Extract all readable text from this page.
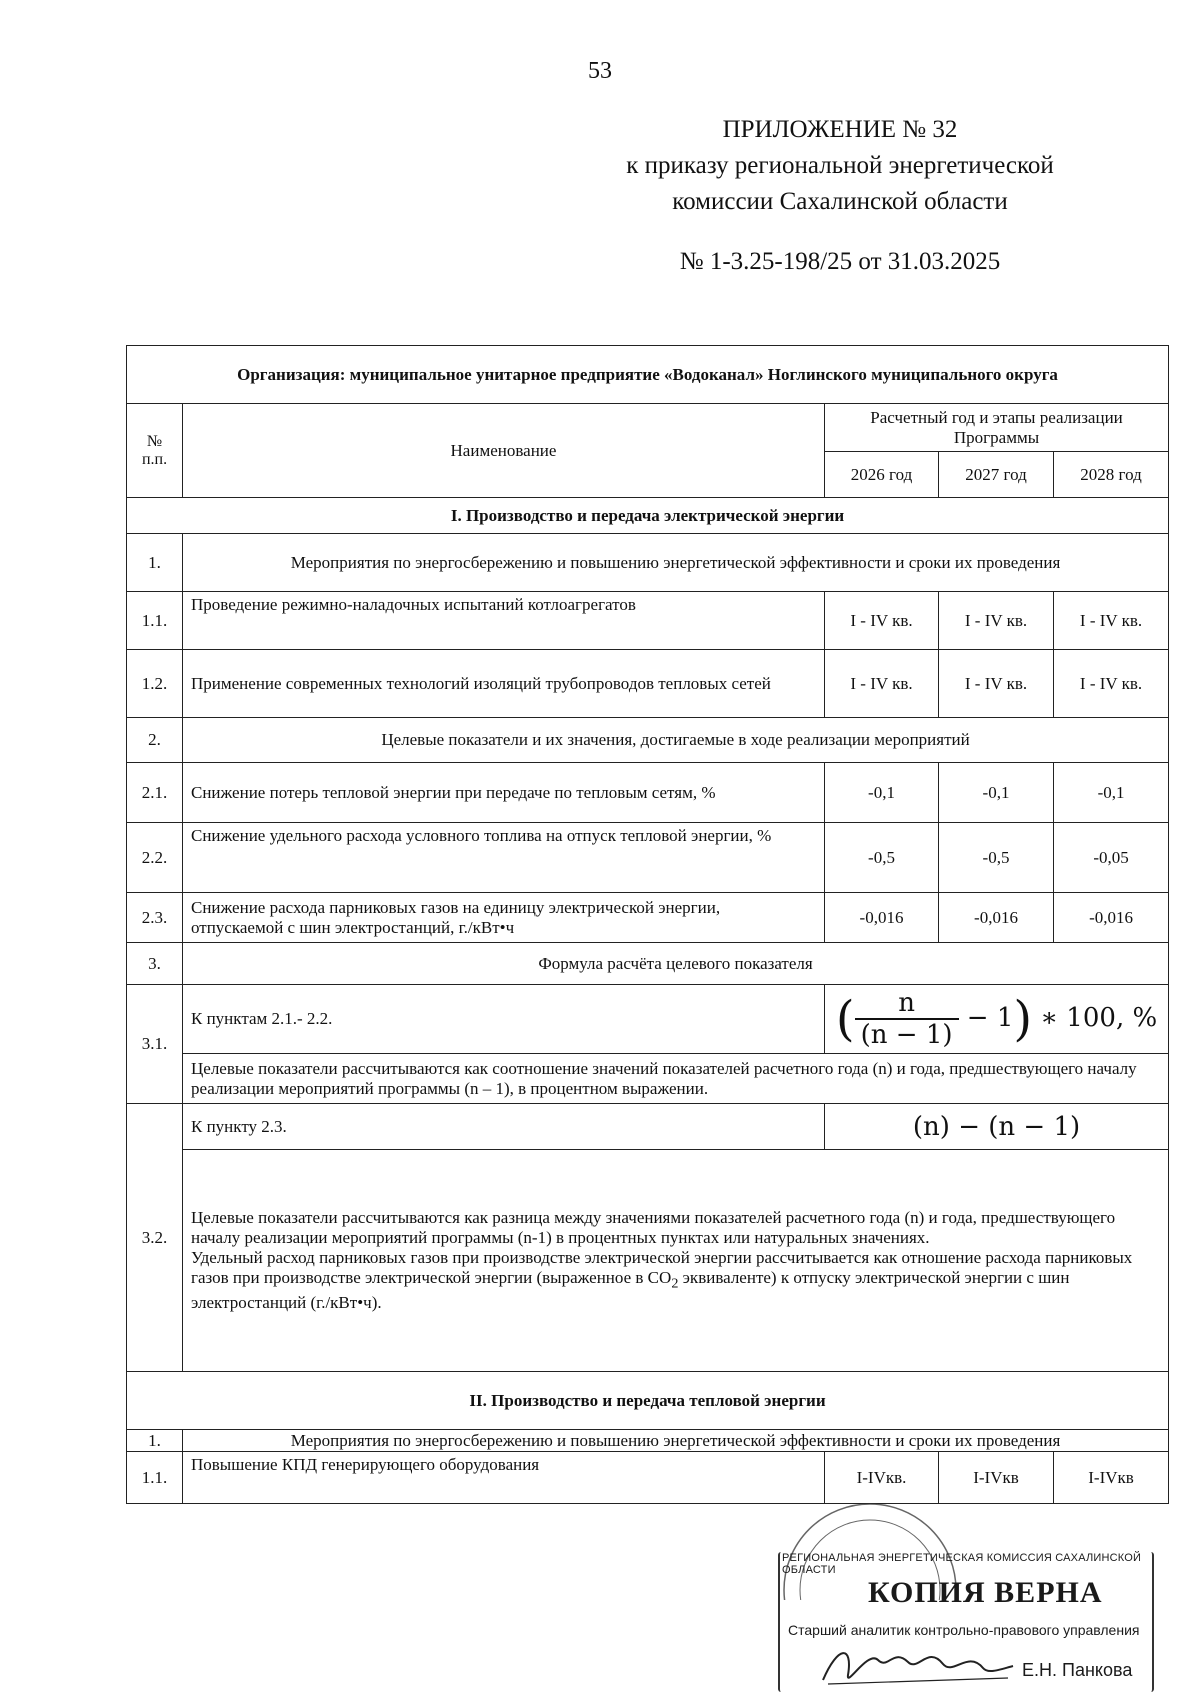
53
ПРИЛОЖЕНИЕ № 32
к приказу региональной энергетической
комиссии Сахалинской области
№ 1-3.25-198/25 от 31.03.2025
Организация: муниципальное унитарное предприятие «Водоканал» Ноглинского муниципального округа				
№ п.п.	Наименование	Расчетный год и этапы реализации Программы		
		2026 год	2027 год	2028 год
I. Производство и передача электрической энергии				
1.	Мероприятия по энергосбережению и повышению энергетической эффективности и сроки их проведения			
1.1.	Проведение режимно-наладочных испытаний котлоагрегатов	I - IV кв.	I - IV кв.	I - IV кв.
1.2.	Применение современных технологий изоляций трубопроводов тепловых сетей	I - IV кв.	I - IV кв.	I - IV кв.
2.	Целевые показатели и их значения, достигаемые в ходе реализации мероприятий			
2.1.	Снижение потерь тепловой энергии при передаче по тепловым сетям, %	-0,1	-0,1	-0,1
2.2.	Снижение удельного расхода условного топлива на отпуск тепловой энергии, %	-0,5	-0,5	-0,05
2.3.	Снижение расхода парниковых газов на единицу электрической энергии, отпускаемой с шин электростанций, г./кВт•ч	-0,016	-0,016	-0,016
3.	Формула расчёта целевого показателя			
3.1.	К пунктам 2.1.- 2.2.	( $\frac{n}{(n - 1)} - 1$) ∗ 100, %		
	Целевые показатели рассчитываются как соотношение значений показателей расчетного года (n) и года, предшествующего началу реализации мероприятий программы (n – 1), в процентном выражении.			
3.2.	К пункту 2.3.	(n) − (n − 1)		

	Целевые показатели рассчитываются как разница между значениями показателей расчетного года (n) и года, предшествующего началу реализации мероприятий программы (n-1) в процентных пунктах или натуральных значениях.
Удельный расход парниковых газов при производстве электрической энергии рассчитывается как отношение расхода парниковых газов при производстве электрической энергии (выраженное в $CO_2$ эквиваленте) к отпуску электрической энергии с шин электростанций (г./кВт•ч).			

II. Производство и передача тепловой энергии				
1.	Мероприятия по энергосбережению и повышению энергетической эффективности и сроки их проведения			
1.1.	Повышение КПД генерирующего оборудования	I-IVкв.	I-IVкв	I-IVкв
РЕГИОНАЛЬНАЯ ЭНЕРГЕТИЧЕСКАЯ КОМИССИЯ САХАЛИНСКОЙ ОБЛАСТИ
КОПИЯ ВЕРНА
Старший аналитик контрольно-правового управления
Е.Н. Панкова
